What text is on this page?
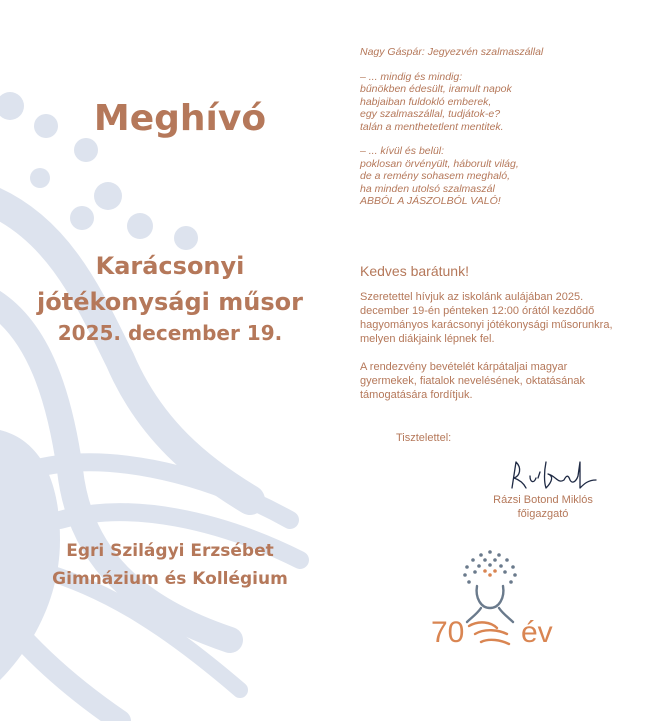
Meghívó
Karácsonyi
jótékonysági műsor
2025. december 19.
Egri Szilágyi Erzsébet
Gimnázium és Kollégium
Nagy Gáspár: Jegyezvén szalmaszállal
– ... mindig és mindig:
bűnökben édesült, iramult napok
habjaiban fuldokló emberek,
egy szalmaszállal, tudjátok-e?
talán a menthetetlent mentitek.
– ... kívül és belül:
poklosan örvényült, háborult világ,
de a remény sohasem meghaló,
ha minden utolsó szalmaszál
ABBÓL A JÁSZOLBÓL VALÓ!
Kedves barátunk!

Szeretettel hívjuk az iskolánk aulájában 2025. december 19-én pénteken 12:00 órától kezdődő hagyományos karácsonyi jótékonysági műsorunkra, melyen diákjaink lépnek fel.

A rendezvény bevételét kárpátaljai magyar gyermekek, fiatalok nevelésének, oktatásának támogatására fordítjuk.

Tisztelettel:
Rázsi Botond Miklós
főigazgató
70 év
